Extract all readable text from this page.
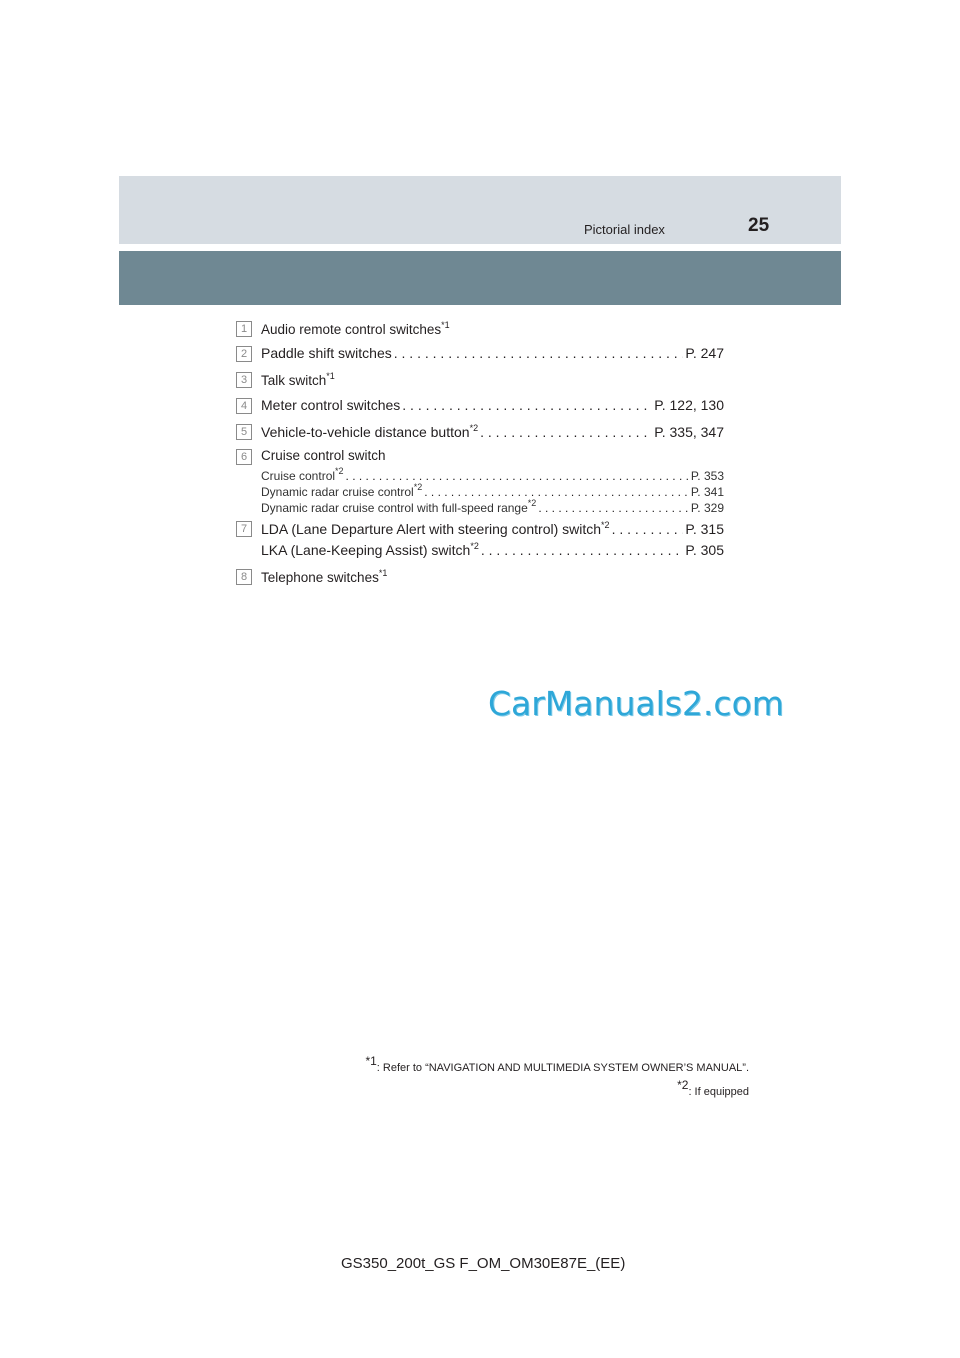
Pictorial index	25
1	Audio remote control switches$^{*1}$
2 Paddle shift switches . . .	P. 247
3	Talk switch$^{*1}$
4 Meter control switches . . .	P. 122, 130
5 Vehicle-to-vehicle distance button$^{*2}$ . . .	P. 335, 347
6	Cruise control switch
Cruise control$^{*2}$ . . .	P. 353
Dynamic radar cruise control$^{*2}$ . . .	P. 341
Dynamic radar cruise control with full-speed range$^{*2}$ . . .	P. 329
7 LDA (Lane Departure Alert with steering control) switch$^{*2}$ . . .	P. 315
LKA (Lane-Keeping Assist) switch$^{*2}$ . . .	P. 305
8	Telephone switches$^{*1}$
CarManuals2.com
$^{*1}$: Refer to “NAVIGATION AND MULTIMEDIA SYSTEM OWNER’S MANUAL”.
$^{*2}$: If equipped
GS350_200t_GS F_OM_OM30E87E_(EE)
